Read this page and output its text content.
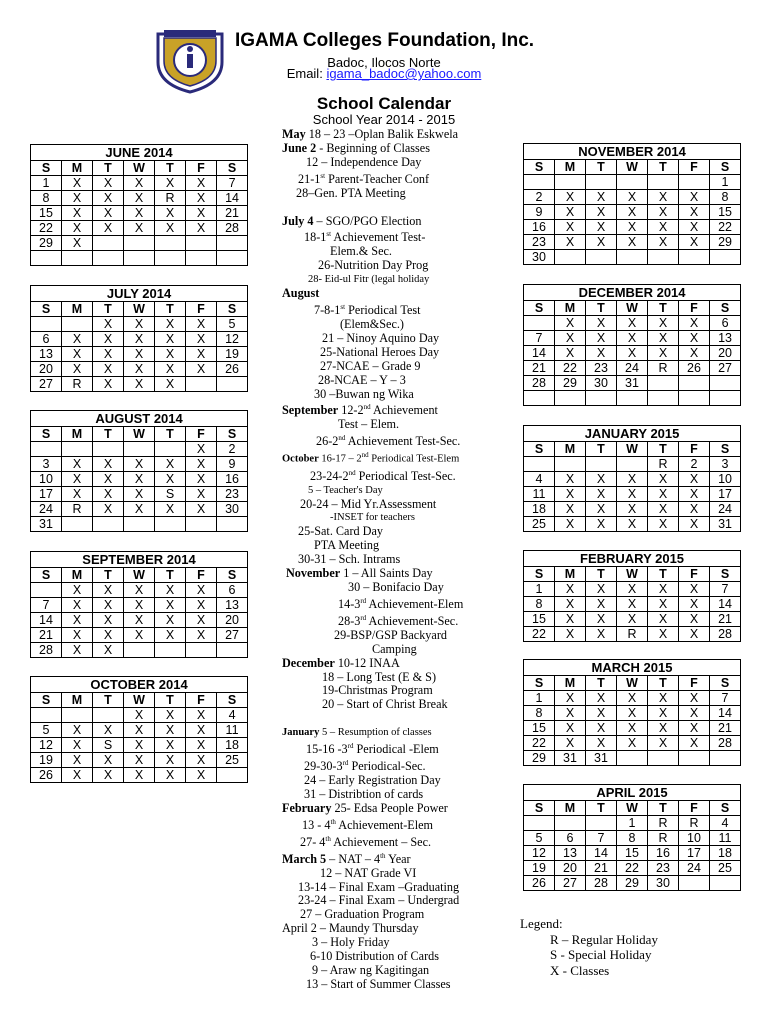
IGAMA Colleges Foundation, Inc.
Badoc, Ilocos Norte
Email: igama_badoc@yahoo.com
School Calendar
School Year 2014 - 2015
JUNE 2014						
S	M	T	W	T	F	S
1	X	X	X	X	X	7
8	X	X	X	R	X	14
15	X	X	X	X	X	21
22	X	X	X	X	X	28
29	X					

JULY 2014						
S	M	T	W	T	F	S
		X	X	X	X	5
6	X	X	X	X	X	12
13	X	X	X	X	X	19
20	X	X	X	X	X	26
27	R	X	X	X		
AUGUST 2014						
S	M	T	W	T	F	S
					X	2
3	X	X	X	X	X	9
10	X	X	X	X	X	16
17	X	X	X	S	X	23
24	R	X	X	X	X	30
31						
SEPTEMBER 2014						
S	M	T	W	T	F	S
	X	X	X	X	X	6
7	X	X	X	X	X	13
14	X	X	X	X	X	20
21	X	X	X	X	X	27
28	X	X				
OCTOBER 2014						
S	M	T	W	T	F	S
			X	X	X	4
5	X	X	X	X	X	11
12	X	S	X	X	X	18
19	X	X	X	X	X	25
26	X	X	X	X	X	
NOVEMBER 2014						
S	M	T	W	T	F	S
						1
2	X	X	X	X	X	8
9	X	X	X	X	X	15
16	X	X	X	X	X	22
23	X	X	X	X	X	29
30						
DECEMBER 2014						
S	M	T	W	T	F	S
	X	X	X	X	X	6
7	X	X	X	X	X	13
14	X	X	X	X	X	20
21	22	23	24	R	26	27
28	29	30	31			

JANUARY 2015						
S	M	T	W	T	F	S
				R	2	3
4	X	X	X	X	X	10
11	X	X	X	X	X	17
18	X	X	X	X	X	24
25	X	X	X	X	X	31
FEBRUARY 2015						
S	M	T	W	T	F	S
1	X	X	X	X	X	7
8	X	X	X	X	X	14
15	X	X	X	X	X	21
22	X	X	R	X	X	28
MARCH 2015						
S	M	T	W	T	F	S
1	X	X	X	X	X	7
8	X	X	X	X	X	14
15	X	X	X	X	X	21
22	X	X	X	X	X	28
29	31	31				
APRIL 2015						
S	M	T	W	T	F	S
			1	R	R	4
5	6	7	8	R	10	11
12	13	14	15	16	17	18
19	20	21	22	23	24	25
26	27	28	29	30		
May 18 – 23 –Oplan Balik Eskwela
June 2 - Beginning of Classes
12 – Independence Day
21-1st Parent-Teacher Conf
28–Gen. PTA Meeting

July 4 – SGO/PGO Election
18-1st Achievement Test-
Elem.& Sec.
26-Nutrition Day Prog
28- Eid-ul Fitr (legal holiday
August
7-8-1st Periodical Test
(Elem&Sec.)
21 – Ninoy Aquino Day
25-National Heroes Day
27-NCAE – Grade 9
28-NCAE – Y – 3
30 –Buwan ng Wika
September 12-2nd Achievement
Test – Elem.
26-2nd Achievement Test-Sec.
October 16-17 – 2nd Periodical Test-Elem
23-24-2nd Periodical Test-Sec.
5 – Teacher's Day
20-24 – Mid Yr.Assessment
-INSET for teachers
25-Sat. Card Day
PTA Meeting
30-31 – Sch. Intrams
November 1 – All Saints Day
30 – Bonifacio Day
14-3rd Achievement-Elem
28-3rd Achievement-Sec.
29-BSP/GSP Backyard
Camping
December 10-12 INAA
18 – Long Test (E & S)
19-Christmas Program
20 – Start of Christ Break

January 5 – Resumption of classes
15-16 -3rd Periodical -Elem
29-30-3rd Periodical-Sec.
24 – Early Registration Day
31 – Distribtion of cards
February 25- Edsa People Power
13 - 4th Achievement-Elem
27- 4th Achievement – Sec.
March 5 – NAT – 4th Year
12 – NAT Grade VI
13-14 – Final Exam –Graduating
23-24 – Final Exam – Undergrad
27 – Graduation Program
April 2 – Maundy Thursday
3 – Holy Friday
6-10 Distribution of Cards
9 – Araw ng Kagitingan
13 – Start of Summer Classes
Legend:
R – Regular Holiday
S - Special Holiday
X - Classes
